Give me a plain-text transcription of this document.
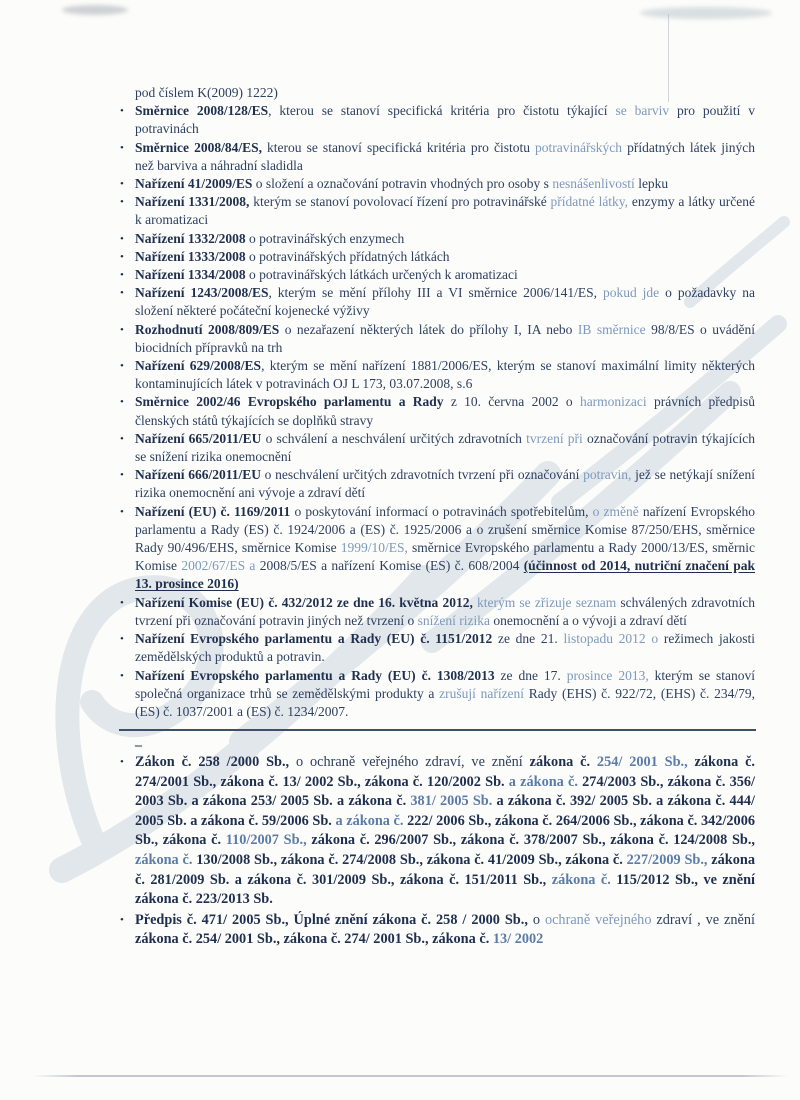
pod číslem K(2009) 1222)
• Směrnice 2008/128/ES, kterou se stanoví specifická kritéria pro čistotu týkající se barviv pro použití v potravinách
• Směrnice 2008/84/ES, kterou se stanoví specifická kritéria pro čistotu potravinářských přídatných látek jiných než barviva a náhradní sladidla
• Nařízení 41/2009/ES o složení a označování potravin vhodných pro osoby s nesnášenlivostí lepku
• Nařízení 1331/2008, kterým se stanoví povolovací řízení pro potravinářské přídatné látky, enzymy a látky určené k aromatizaci
• Nařízení 1332/2008 o potravinářských enzymech
• Nařízení 1333/2008 o potravinářských přídatných látkách
• Nařízení 1334/2008 o potravinářských látkách určených k aromatizaci
• Nařízení 1243/2008/ES, kterým se mění přílohy III a VI směrnice 2006/141/ES, pokud jde o požadavky na složení některé počáteční kojenecké výživy
• Rozhodnutí 2008/809/ES o nezařazení některých látek do přílohy I, IA nebo IB směrnice 98/8/ES o uvádění biocidních přípravků na trh
• Nařízení 629/2008/ES, kterým se mění nařízení 1881/2006/ES, kterým se stanoví maximální limity některých kontaminujících látek v potravinách OJ L 173, 03.07.2008, s.6
• Směrnice 2002/46 Evropského parlamentu a Rady z 10. června 2002 o harmonizaci právních předpisů členských států týkajících se doplňků stravy
• Nařízení 665/2011/EU o schválení a neschválení určitých zdravotních tvrzení při označování potravin týkajících se snížení rizika onemocnění
• Nařízení 666/2011/EU o neschválení určitých zdravotních tvrzení při označování potravin, jež se netýkají snížení rizika onemocnění ani vývoje a zdraví dětí
• Nařízení (EU) č. 1169/2011 o poskytování informací o potravinách spotřebitelům, o změně nařízení Evropského parlamentu a Rady (ES) č. 1924/2006 a (ES) č. 1925/2006 a o zrušení směrnice Komise 87/250/EHS, směrnice Rady 90/496/EHS, směrnice Komise 1999/10/ES, směrnice Evropského parlamentu a Rady 2000/13/ES, směrnic Komise 2002/67/ES a 2008/5/ES a nařízení Komise (ES) č. 608/2004 (účinnost od 2014, nutriční značení pak 13. prosince 2016)
• Nařízení Komise (EU) č. 432/2012 ze dne 16. května 2012, kterým se zřizuje seznam schválených zdravotních tvrzení při označování potravin jiných než tvrzení o snížení rizika onemocnění a o vývoji a zdraví dětí
• Nařízení Evropského parlamentu a Rady (EU) č. 1151/2012 ze dne 21. listopadu 2012 o režimech jakosti zemědělských produktů a potravin.
• Nařízení Evropského parlamentu a Rady (EU) č. 1308/2013 ze dne 17. prosince 2013, kterým se stanoví společná organizace trhů se zemědělskými produkty a zrušují nařízení Rady (EHS) č. 922/72, (EHS) č. 234/79, (ES) č. 1037/2001 a (ES) č. 1234/2007.
–
• Zákon č. 258 /2000 Sb., o ochraně veřejného zdraví, ve znění zákona č. 254/ 2001 Sb., zákona č. 274/2001 Sb., zákona č. 13/ 2002 Sb., zákona č. 120/2002 Sb. a zákona č. 274/2003 Sb., zákona č. 356/ 2003 Sb. a zákona 253/ 2005 Sb. a zákona č. 381/ 2005 Sb. a zákona č. 392/ 2005 Sb. a zákona č. 444/ 2005 Sb. a zákona č. 59/2006 Sb. a zákona č. 222/ 2006 Sb., zákona č. 264/2006 Sb., zákona č. 342/2006 Sb., zákona č. 110/2007 Sb., zákona č. 296/2007 Sb., zákona č. 378/2007 Sb., zákona č. 124/2008 Sb., zákona č. 130/2008 Sb., zákona č. 274/2008 Sb., zákona č. 41/2009 Sb., zákona č. 227/2009 Sb., zákona č. 281/2009 Sb. a zákona č. 301/2009 Sb., zákona č. 151/2011 Sb., zákona č. 115/2012 Sb., ve znění zákona č. 223/2013 Sb.
• Předpis č. 471/ 2005 Sb., Úplné znění zákona č. 258 / 2000 Sb., o ochraně veřejného zdraví , ve znění zákona č. 254/ 2001 Sb., zákona č. 274/ 2001 Sb., zákona č. 13/ 2002
